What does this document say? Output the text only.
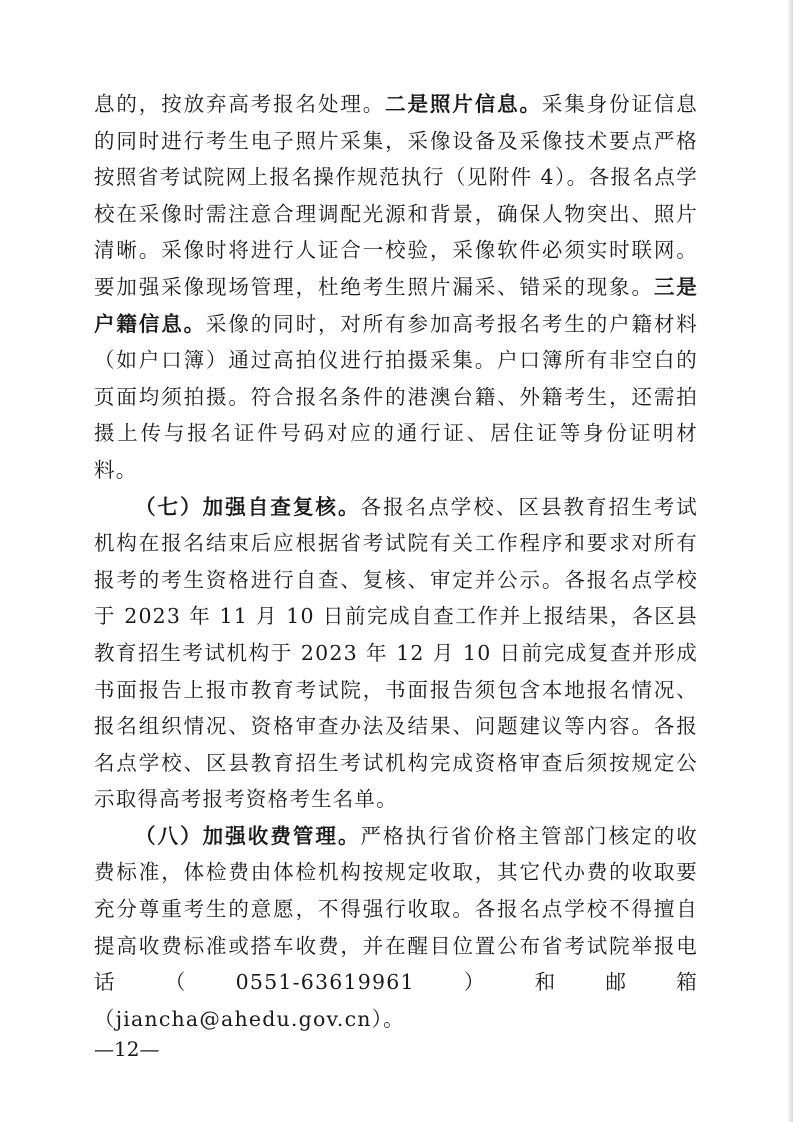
息的，按放弃高考报名处理。二是照片信息。采集身份证信息的同时进行考生电子照片采集，采像设备及采像技术要点严格按照省考试院网上报名操作规范执行（见附件 4）。各报名点学校在采像时需注意合理调配光源和背景，确保人物突出、照片清晰。采像时将进行人证合一校验，采像软件必须实时联网。要加强采像现场管理，杜绝考生照片漏采、错采的现象。三是户籍信息。采像的同时，对所有参加高考报名考生的户籍材料（如户口簿）通过高拍仪进行拍摄采集。户口簿所有非空白的页面均须拍摄。符合报名条件的港澳台籍、外籍考生，还需拍摄上传与报名证件号码对应的通行证、居住证等身份证明材料。

（七）加强自查复核。各报名点学校、区县教育招生考试机构在报名结束后应根据省考试院有关工作程序和要求对所有报考的考生资格进行自查、复核、审定并公示。各报名点学校于 2023 年 11 月 10 日前完成自查工作并上报结果，各区县教育招生考试机构于 2023 年 12 月 10 日前完成复查并形成书面报告上报市教育考试院，书面报告须包含本地报名情况、报名组织情况、资格审查办法及结果、问题建议等内容。各报名点学校、区县教育招生考试机构完成资格审查后须按规定公示取得高考报考资格考生名单。

（八）加强收费管理。严格执行省价格主管部门核定的收费标准，体检费由体检机构按规定收取，其它代办费的收取要充分尊重考生的意愿，不得强行收取。各报名点学校不得擅自提高收费标准或搭车收费，并在醒目位置公布省考试院举报电话（0551-63619961）和邮箱（jiancha@ahedu.gov.cn）。

—12—
